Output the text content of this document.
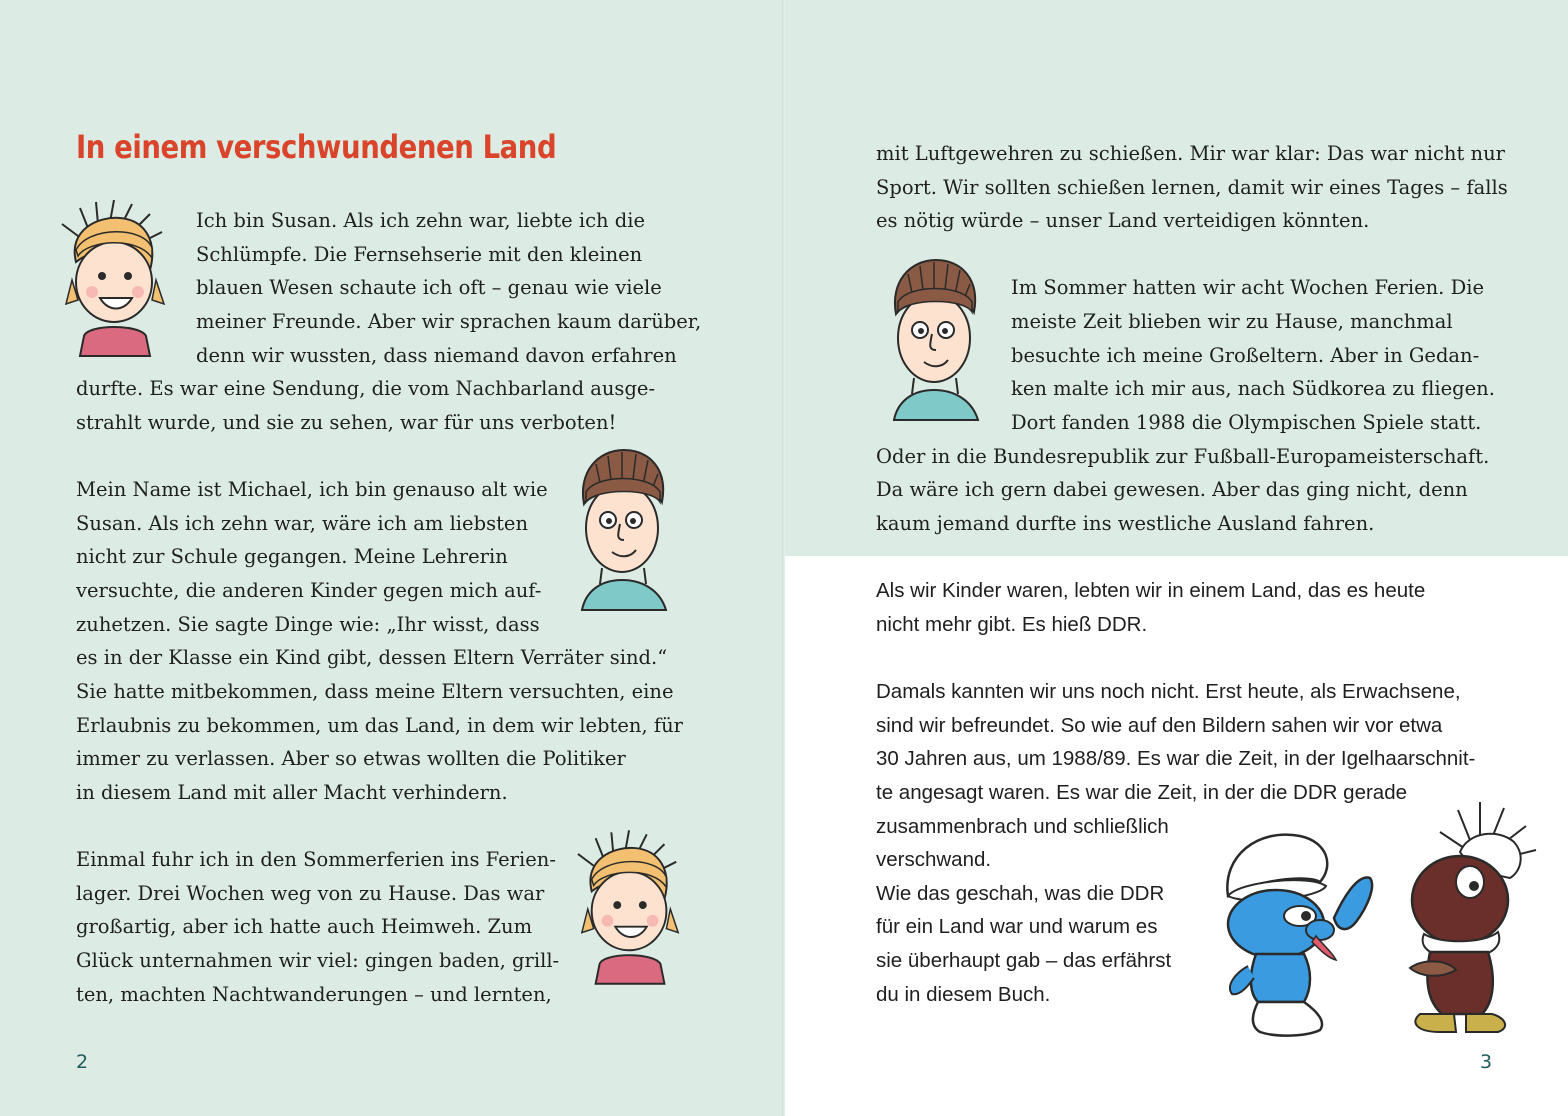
In einem verschwundenen Land

Ich bin Susan. Als ich zehn war, liebte ich die

Schlümpfe. Die Fernsehserie mit den kleinen

blauen Wesen schaute ich oft – genau wie viele

meiner Freunde. Aber wir sprachen kaum darüber,

denn wir wussten, dass niemand davon erfahren

durfte. Es war eine Sendung, die vom Nachbarland ausge-

strahlt wurde, und sie zu sehen, war für uns verboten!

Mein Name ist Michael, ich bin genauso alt wie

Susan. Als ich zehn war, wäre ich am liebsten

nicht zur Schule gegangen. Meine Lehrerin

versuchte, die anderen Kinder gegen mich auf-

zuhetzen. Sie sagte Dinge wie: „Ihr wisst, dass

es in der Klasse ein Kind gibt, dessen Eltern Verräter sind.“

Sie hatte mitbekommen, dass meine Eltern versuchten, eine

Erlaubnis zu bekommen, um das Land, in dem wir lebten, für

immer zu verlassen. Aber so etwas wollten die Politiker

in diesem Land mit aller Macht verhindern.

Einmal fuhr ich in den Sommerferien ins Ferien-

lager. Drei Wochen weg von zu Hause. Das war

großartig, aber ich hatte auch Heimweh. Zum

Glück unternahmen wir viel: gingen baden, grill-

ten, machten Nachtwanderungen – und lernten,

2

mit Luftgewehren zu schießen. Mir war klar: Das war nicht nur

Sport. Wir sollten schießen lernen, damit wir eines Tages – falls

es nötig würde – unser Land verteidigen könnten.

Im Sommer hatten wir acht Wochen Ferien. Die

meiste Zeit blieben wir zu Hause, manchmal

besuchte ich meine Großeltern. Aber in Gedan-

ken malte ich mir aus, nach Südkorea zu fliegen.

Dort fanden 1988 die Olympischen Spiele statt.

Oder in die Bundesrepublik zur Fußball-Europameisterschaft.

Da wäre ich gern dabei gewesen. Aber das ging nicht, denn

kaum jemand durfte ins westliche Ausland fahren.

Als wir Kinder waren, lebten wir in einem Land, das es heute

nicht mehr gibt. Es hieß DDR.

Damals kannten wir uns noch nicht. Erst heute, als Erwachsene,

sind wir befreundet. So wie auf den Bildern sahen wir vor etwa

30 Jahren aus, um 1988/89. Es war die Zeit, in der Igelhaarschnit-

te angesagt waren. Es war die Zeit, in der die DDR gerade

zusammenbrach und schließlich

verschwand.

Wie das geschah, was die DDR

für ein Land war und warum es

sie überhaupt gab – das erfährst

du in diesem Buch.

3
